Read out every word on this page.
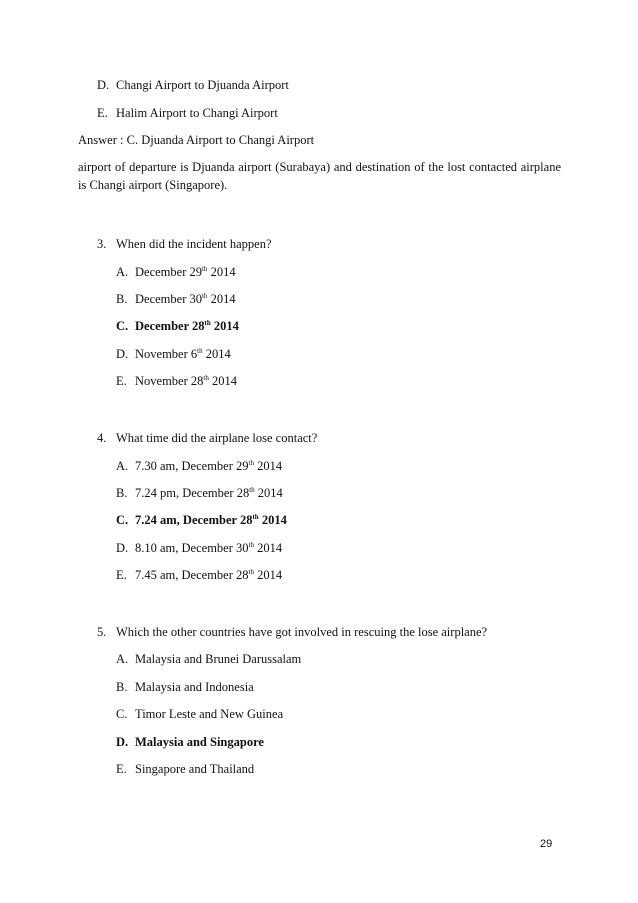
D. Changi Airport to Djuanda Airport
E. Halim Airport to Changi Airport
Answer : C. Djuanda Airport to Changi Airport
airport of departure is Djuanda airport (Surabaya) and destination of the lost contacted airplane is Changi airport (Singapore).
3. When did the incident happen?
A. December 29th 2014
B. December 30th 2014
C. December 28th 2014
D. November 6th 2014
E. November 28th 2014
4. What time did the airplane lose contact?
A. 7.30 am, December 29th 2014
B. 7.24 pm, December 28th 2014
C. 7.24 am, December 28th 2014
D. 8.10 am, December 30th 2014
E. 7.45 am, December 28th 2014
5. Which the other countries have got involved in rescuing the lose airplane?
A. Malaysia and Brunei Darussalam
B. Malaysia and Indonesia
C. Timor Leste and New Guinea
D. Malaysia and Singapore
E. Singapore and Thailand
29
